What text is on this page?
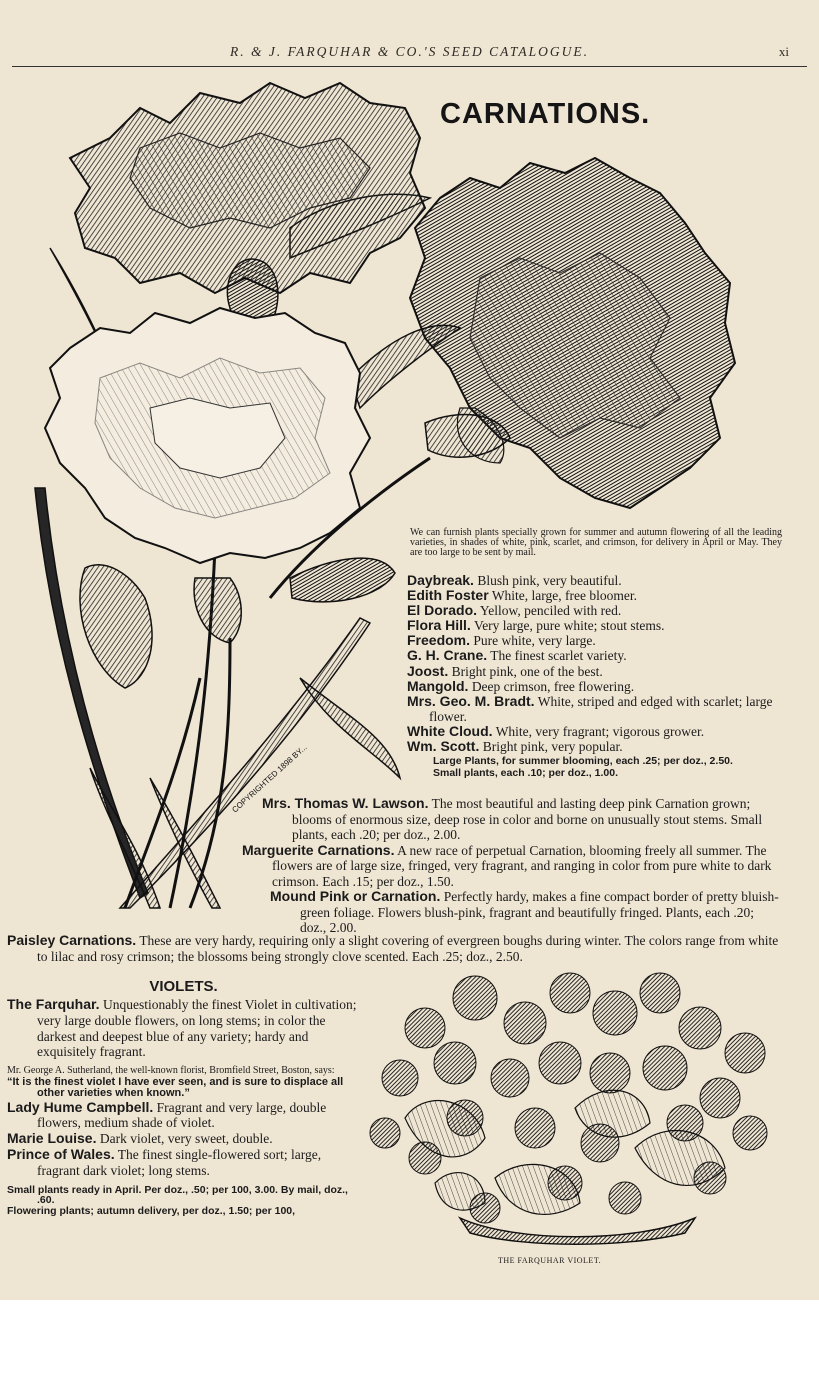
R. & J. FARQUHAR & CO.'S SEED CATALOGUE.	xi
COPYRIGHTED 1898 BY...
CARNATIONS.
We can furnish plants specially grown for summer and autumn flowering of all the leading varieties, in shades of white, pink, scarlet, and crimson, for delivery in April or May. They are too large to be sent by mail.

Daybreak. Blush pink, very beautiful.

Edith Foster White, large, free bloomer.

El Dorado. Yellow, penciled with red.

Flora Hill. Very large, pure white; stout stems.

Freedom. Pure white, very large.

G. H. Crane. The finest scarlet variety.

Joost. Bright pink, one of the best.

Mangold. Deep crimson, free flowering.

Mrs. Geo. M. Bradt. White, striped and edged with scarlet; large flower.

White Cloud. White, very fragrant; vigorous grower.

Wm. Scott. Bright pink, very popular.

Large Plants, for summer blooming, each .25; per doz., 2.50.

Small plants, each .10; per doz., 1.00.

Mrs. Thomas W. Lawson. The most beautiful and lasting deep pink Carnation grown; blooms of enormous size, deep rose in color and borne on unusually stout stems. Small plants, each .20; per doz., 2.00.

Marguerite Carnations. A new race of perpetual Carnation, blooming freely all summer. The flowers are of large size, fringed, very fragrant, and ranging in color from pure white to dark crimson. Each .15; per doz., 1.50.

Mound Pink or Carnation. Perfectly hardy, makes a fine compact border of pretty bluish-green foliage. Flowers blush-pink, fragrant and beautifully fringed. Plants, each .20; doz., 2.00.

Paisley Carnations. These are very hardy, requiring only a slight covering of evergreen boughs during winter. The colors range from white to lilac and rosy crimson; the blossoms being strongly clove scented. Each .25; doz., 2.50.

VIOLETS.

The Farquhar. Unquestionably the finest Violet in cultivation; very large double flowers, on long stems; in color the darkest and deepest blue of any variety; hardy and exquisitely fragrant.

Mr. George A. Sutherland, the well-known florist, Bromfield Street, Boston, says:

“It is the finest violet I have ever seen, and is sure to displace all other varieties when known.”

Lady Hume Campbell. Fragrant and very large, double flowers, medium shade of violet.

Marie Louise. Dark violet, very sweet, double.

Prince of Wales. The finest single-flowered sort; large, fragrant dark violet; long stems.

Small plants ready in April. Per doz., .50; per 100, 3.00. By mail, doz., .60.

Flowering plants; autumn delivery, per doz., 1.50; per 100,

THE FARQUHAR VIOLET.
